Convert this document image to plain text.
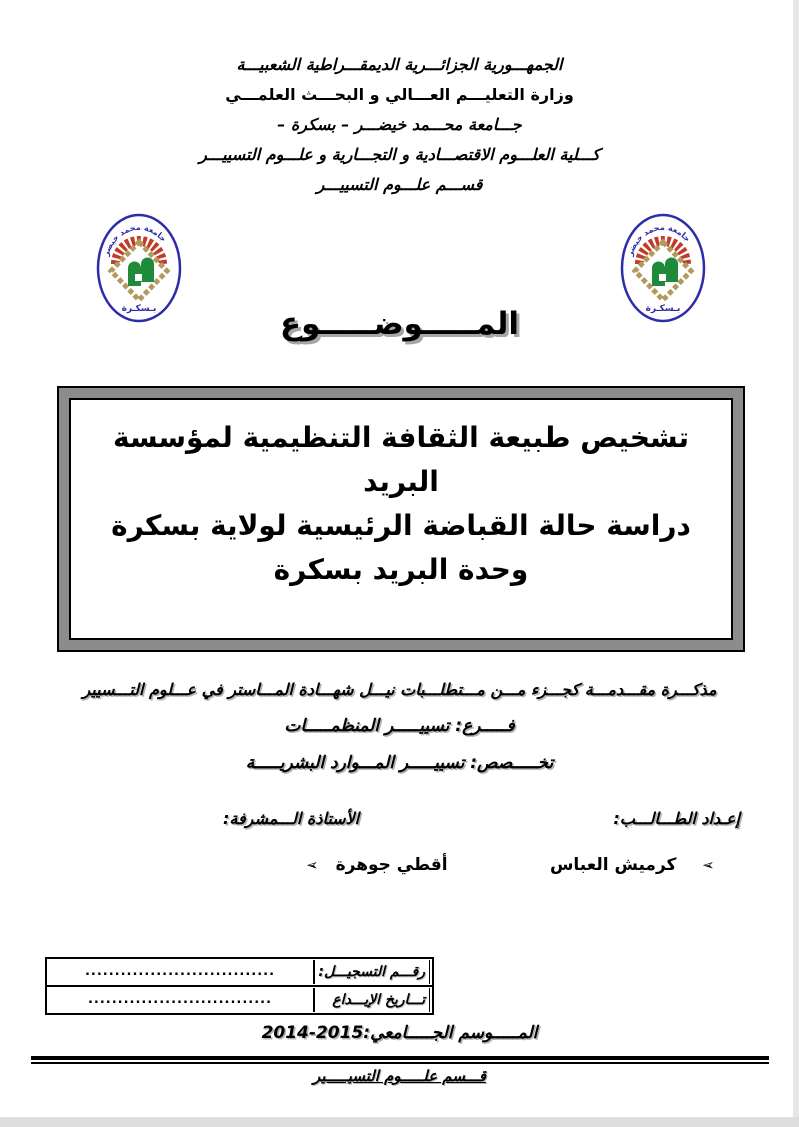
الجمهـــورية الجزائـــرية الديمقـــراطية الشعبيـــة
وزارة التعليـــم العـــالي و البحـــث العلمـــي
جـــامعة محـــمد خيضـــر – بسكرة –
كـــلية العلـــوم الاقتصـــادية و التجـــارية و علـــوم التسييـــر
قســـم علـــوم التسييـــر
جامعة محمد خيضر
بـسكـرة
جامعة محمد خيضر
بـسكـرة
المـــــوضـــــوع
تشخيص طبيعة الثقافة التنظيمية لمؤسسة البريد
دراسة حالة القباضة الرئيسية لولاية بسكرة
وحدة البريد بسكرة
مذكـــرة مقـــدمـــة كجـــزء مـــن مـــتطلـــبات نيـــل شهـــادة المـــاستر في عـــلوم التـــسيير
فـــــرع: تسييـــــر المنظمـــــات
تخـــــصص: تسييـــــر المـــوارد البشريـــــة
إعـداد الطـــالـــب:
الأستاذة الـــمشرفة:
➢
كرميش العباس
➢ أقطي جوهرة
رقـــم التسجيـــل:
................................
تـــاريخ الإيـــداع
...............................
المـــــوسم الجـــــامعي:2015-2014
قـــسم علـــــوم التسيـــــير
